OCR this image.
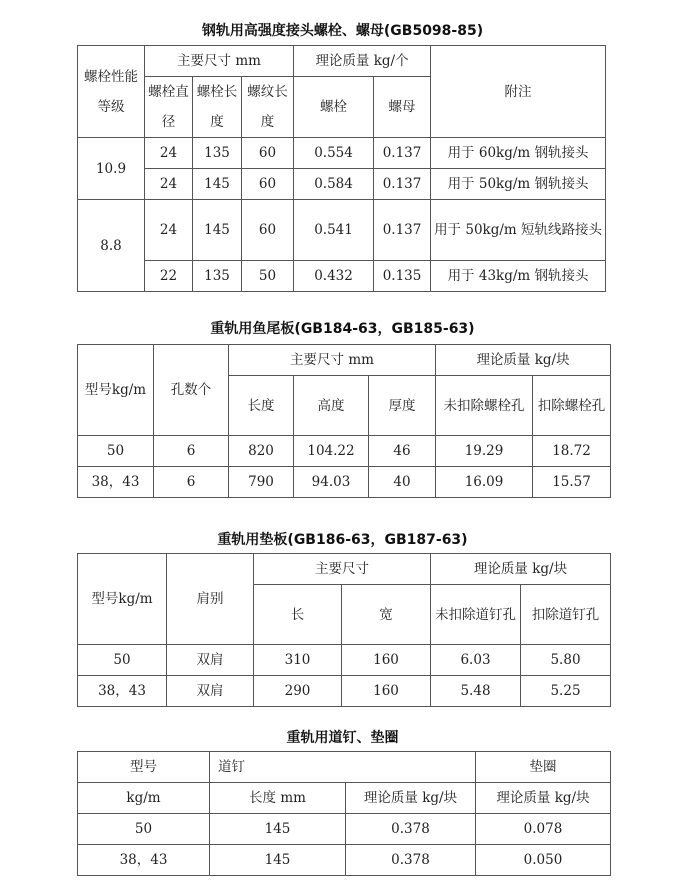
钢轨用高强度接头螺栓、螺母(GB5098-85)
螺栓性能等级	主要尺寸 mm			理论质量 kg/个		附注
	螺栓直径	螺栓长度	螺纹长度	螺栓	螺母	
10.9	24	135	60	0.554	0.137	用于 60kg/m 钢轨接头
	24	145	60	0.584	0.137	用于 50kg/m 钢轨接头
8.8	24	145	60	0.541	0.137	用于 50kg/m 短轨线路接头
	22	135	50	0.432	0.135	用于 43kg/m 钢轨接头
重轨用鱼尾板(GB184-63，GB185-63)
型号kg/m	孔数个	主要尺寸 mm			理论质量 kg/块	
		长度	高度	厚度	未扣除螺栓孔	扣除螺栓孔
50	6	820	104.22	46	19.29	18.72
38，43	6	790	94.03	40	16.09	15.57
重轨用垫板(GB186-63，GB187-63)
型号kg/m	肩别	主要尺寸		理论质量 kg/块	
		长	宽	未扣除道钉孔	扣除道钉孔
50	双肩	310	160	6.03	5.80
38，43	双肩	290	160	5.48	5.25
重轨用道钉、垫圈
型号	道钉		垫圈
kg/m	长度 mm	理论质量 kg/块	理论质量 kg/块
50	145	0.378	0.078
38，43	145	0.378	0.050
